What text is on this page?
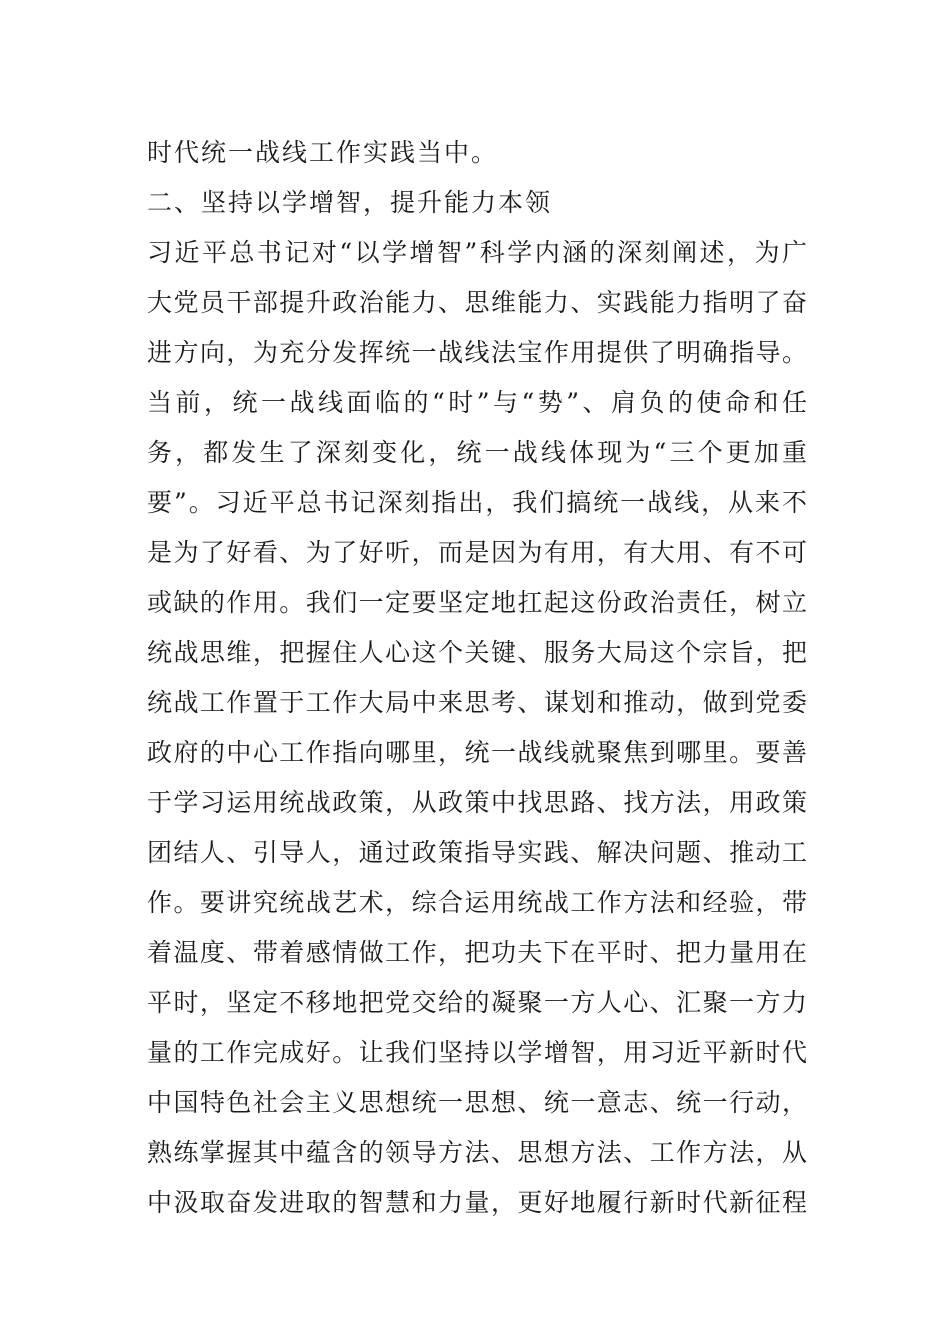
时代统一战线工作实践当中。
二、坚持以学增智，提升能力本领
习近平总书记对“以学增智”科学内涵的深刻阐述，为广
大党员干部提升政治能力、思维能力、实践能力指明了奋
进方向，为充分发挥统一战线法宝作用提供了明确指导。
当前，统一战线面临的“时”与“势”、肩负的使命和任
务，都发生了深刻变化，统一战线体现为“三个更加重
要”。习近平总书记深刻指出，我们搞统一战线，从来不
是为了好看、为了好听，而是因为有用，有大用、有不可
或缺的作用。我们一定要坚定地扛起这份政治责任，树立
统战思维，把握住人心这个关键、服务大局这个宗旨，把
统战工作置于工作大局中来思考、谋划和推动，做到党委
政府的中心工作指向哪里，统一战线就聚焦到哪里。要善
于学习运用统战政策，从政策中找思路、找方法，用政策
团结人、引导人，通过政策指导实践、解决问题、推动工
作。要讲究统战艺术，综合运用统战工作方法和经验，带
着温度、带着感情做工作，把功夫下在平时、把力量用在
平时，坚定不移地把党交给的凝聚一方人心、汇聚一方力
量的工作完成好。让我们坚持以学增智，用习近平新时代
中国特色社会主义思想统一思想、统一意志、统一行动，
熟练掌握其中蕴含的领导方法、思想方法、工作方法，从
中汲取奋发进取的智慧和力量，更好地履行新时代新征程
